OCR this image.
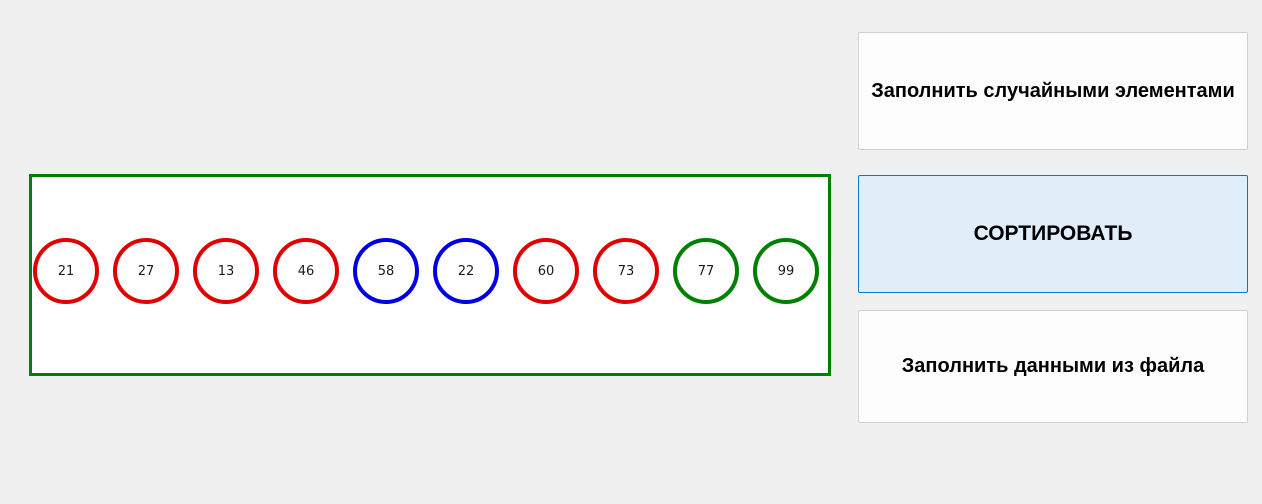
21	27	13	46	58	22	60	73	77	99
Заполнить случайными элементами
СОРТИРОВАТЬ
Заполнить данными из файла
